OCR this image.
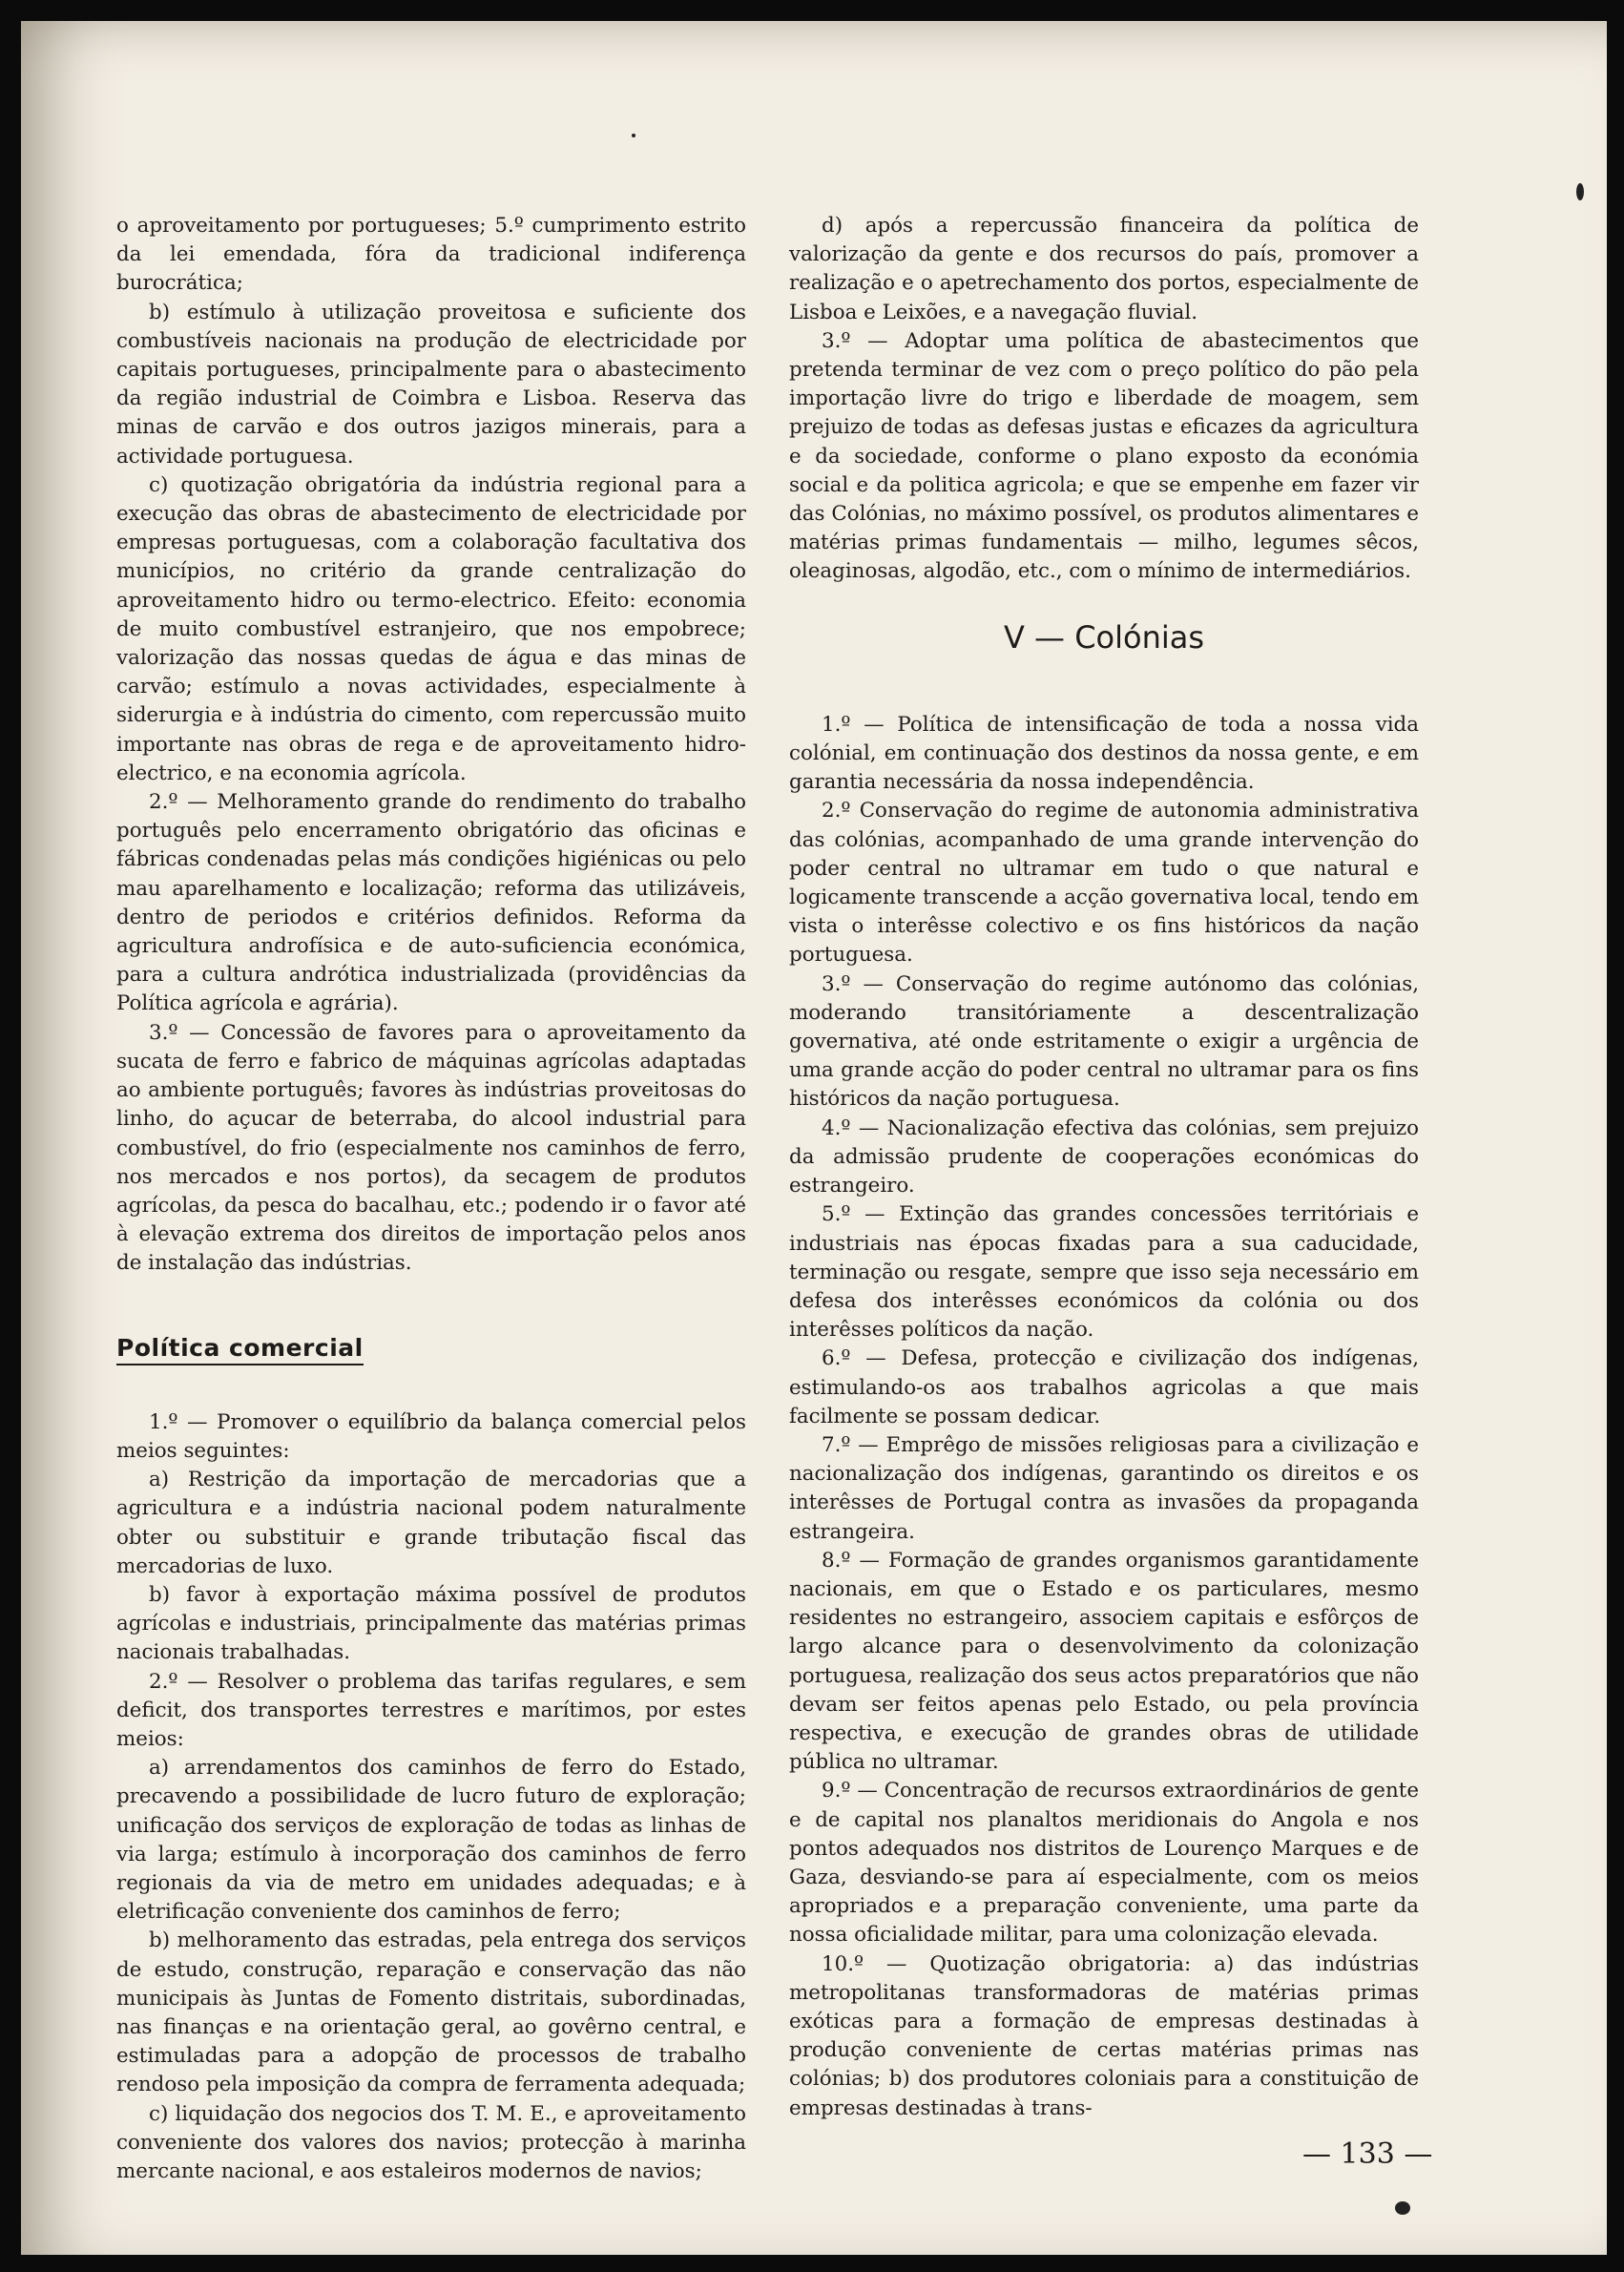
o aproveitamento por portugueses; 5.º cumprimento estrito da lei emendada, fóra da tradicional indiferença burocrática;

b) estímulo à utilização proveitosa e suficiente dos combustíveis nacionais na produção de electricidade por capitais portugueses, principalmente para o abastecimento da região industrial de Coimbra e Lisboa. Reserva das minas de carvão e dos outros jazigos minerais, para a actividade portuguesa.

c) quotização obrigatória da indústria regional para a execução das obras de abastecimento de electricidade por empresas portuguesas, com a colaboração facultativa dos municípios, no critério da grande centralização do aproveitamento hidro ou termo-electrico. Efeito: economia de muito combustível estranjeiro, que nos empobrece; valorização das nossas quedas de água e das minas de carvão; estímulo a novas actividades, especialmente à siderurgia e à indústria do cimento, com repercussão muito importante nas obras de rega e de aproveitamento hidro-electrico, e na economia agrícola.

2.º — Melhoramento grande do rendimento do trabalho português pelo encerramento obrigatório das oficinas e fábricas condenadas pelas más condições higiénicas ou pelo mau aparelhamento e localização; reforma das utilizáveis, dentro de periodos e critérios definidos. Reforma da agricultura androfísica e de auto-suficiencia económica, para a cultura andrótica industrializada (providências da Política agrícola e agrária).

3.º — Concessão de favores para o aproveitamento da sucata de ferro e fabrico de máquinas agrícolas adaptadas ao ambiente português; favores às indústrias proveitosas do linho, do açucar de beterraba, do alcool industrial para combustível, do frio (especialmente nos caminhos de ferro, nos mercados e nos portos), da secagem de produtos agrícolas, da pesca do bacalhau, etc.; podendo ir o favor até à elevação extrema dos direitos de importação pelos anos de instalação das indústrias.

Política comercial

1.º — Promover o equilíbrio da balança comercial pelos meios seguintes:

a) Restrição da importação de mercadorias que a agricultura e a indústria nacional podem naturalmente obter ou substituir e grande tributação fiscal das mercadorias de luxo.

b) favor à exportação máxima possível de produtos agrícolas e industriais, principalmente das matérias primas nacionais trabalhadas.

2.º — Resolver o problema das tarifas regulares, e sem deficit, dos transportes terrestres e marítimos, por estes meios:

a) arrendamentos dos caminhos de ferro do Estado, precavendo a possibilidade de lucro futuro de exploração; unificação dos serviços de exploração de todas as linhas de via larga; estímulo à incorporação dos caminhos de ferro regionais da via de metro em unidades adequadas; e à eletrificação conveniente dos caminhos de ferro;

b) melhoramento das estradas, pela entrega dos serviços de estudo, construção, reparação e conservação das não municipais às Juntas de Fomento distritais, subordinadas, nas finanças e na orientação geral, ao govêrno central, e estimuladas para a adopção de processos de trabalho rendoso pela imposição da compra de ferramenta adequada;

c) liquidação dos negocios dos T. M. E., e aproveitamento conveniente dos valores dos navios; protecção à marinha mercante nacional, e aos estaleiros modernos de navios;

d) após a repercussão financeira da política de valorização da gente e dos recursos do país, promover a realização e o apetrechamento dos portos, especialmente de Lisboa e Leixões, e a navegação fluvial.

3.º — Adoptar uma política de abastecimentos que pretenda terminar de vez com o preço político do pão pela importação livre do trigo e liberdade de moagem, sem prejuizo de todas as defesas justas e eficazes da agricultura e da sociedade, conforme o plano exposto da económia social e da politica agricola; e que se empenhe em fazer vir das Colónias, no máximo possível, os produtos alimentares e matérias primas fundamentais — milho, legumes sêcos, oleaginosas, algodão, etc., com o mínimo de intermediários.

V — Colónias

1.º — Política de intensificação de toda a nossa vida colónial, em continuação dos destinos da nossa gente, e em garantia necessária da nossa independência.

2.º Conservação do regime de autonomia administrativa das colónias, acompanhado de uma grande intervenção do poder central no ultramar em tudo o que natural e logicamente transcende a acção governativa local, tendo em vista o interêsse colectivo e os fins históricos da nação portuguesa.

3.º — Conservação do regime autónomo das colónias, moderando transitóriamente a descentralização governativa, até onde estritamente o exigir a urgência de uma grande acção do poder central no ultramar para os fins históricos da nação portuguesa.

4.º — Nacionalização efectiva das colónias, sem prejuizo da admissão prudente de cooperações económicas do estrangeiro.

5.º — Extinção das grandes concessões territóriais e industriais nas épocas fixadas para a sua caducidade, terminação ou resgate, sempre que isso seja necessário em defesa dos interêsses económicos da colónia ou dos interêsses políticos da nação.

6.º — Defesa, protecção e civilização dos indígenas, estimulando-os aos trabalhos agricolas a que mais facilmente se possam dedicar.

7.º — Emprêgo de missões religiosas para a civilização e nacionalização dos indígenas, garantindo os direitos e os interêsses de Portugal contra as invasões da propaganda estrangeira.

8.º — Formação de grandes organismos garantidamente nacionais, em que o Estado e os particulares, mesmo residentes no estrangeiro, associem capitais e esfôrços de largo alcance para o desenvolvimento da colonização portuguesa, realização dos seus actos preparatórios que não devam ser feitos apenas pelo Estado, ou pela província respectiva, e execução de grandes obras de utilidade pública no ultramar.

9.º — Concentração de recursos extraordinários de gente e de capital nos planaltos meridionais do Angola e nos pontos adequados nos distritos de Lourenço Marques e de Gaza, desviando-se para aí especialmente, com os meios apropriados e a preparação conveniente, uma parte da nossa oficialidade militar, para uma colonização elevada.

10.º — Quotização obrigatoria: a) das indústrias metropolitanas transformadoras de matérias primas exóticas para a formação de empresas destinadas à produção conveniente de certas matérias primas nas colónias; b) dos produtores coloniais para a constituição de empresas destinadas à trans-

— 133 —
